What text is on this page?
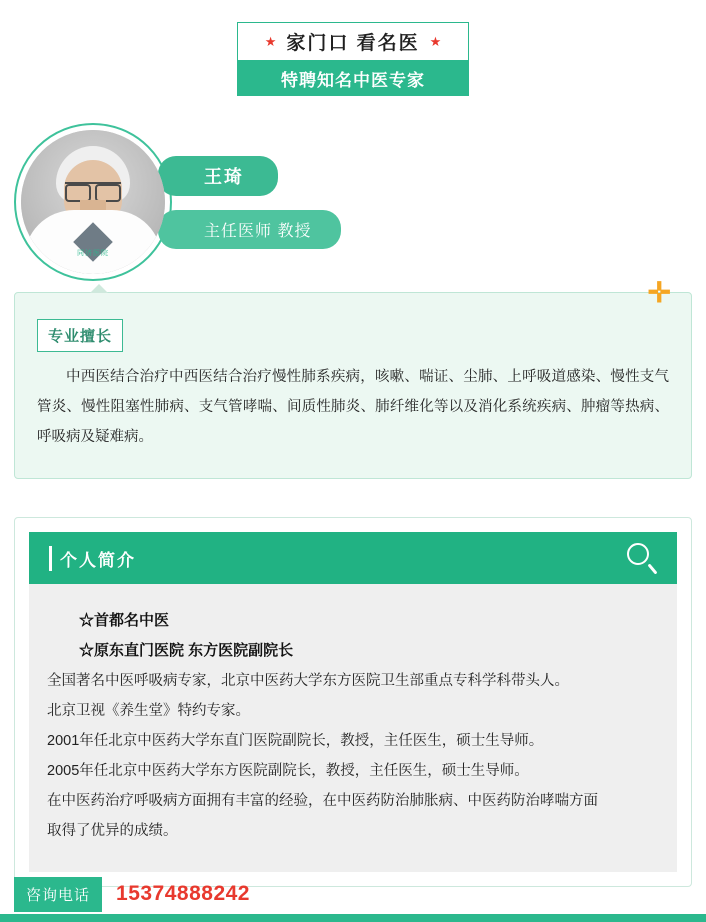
★ 家门口 看名医 ★
特聘知名中医专家
同济医院
王琦
主任医师 教授
✛
专业擅长
中西医结合治疗中西医结合治疗慢性肺系疾病，咳嗽、喘证、尘肺、上呼吸道感染、慢性支气管炎、慢性阻塞性肺病、支气管哮喘、间质性肺炎、肺纤维化等以及消化系统疾病、肿瘤等热病、呼吸病及疑难病。
个人简介
☆首都名中医
☆原东直门医院 东方医院副院长
全国著名中医呼吸病专家，北京中医药大学东方医院卫生部重点专科学科带头人。
北京卫视《养生堂》特约专家。
2001年任北京中医药大学东直门医院副院长，教授，主任医生，硕士生导师。
2005年任北京中医药大学东方医院副院长，教授，主任医生，硕士生导师。
在中医药治疗呼吸病方面拥有丰富的经验，在中医药防治肺胀病、中医药防治哮喘方面
取得了优异的成绩。
咨询电话	15374888242
